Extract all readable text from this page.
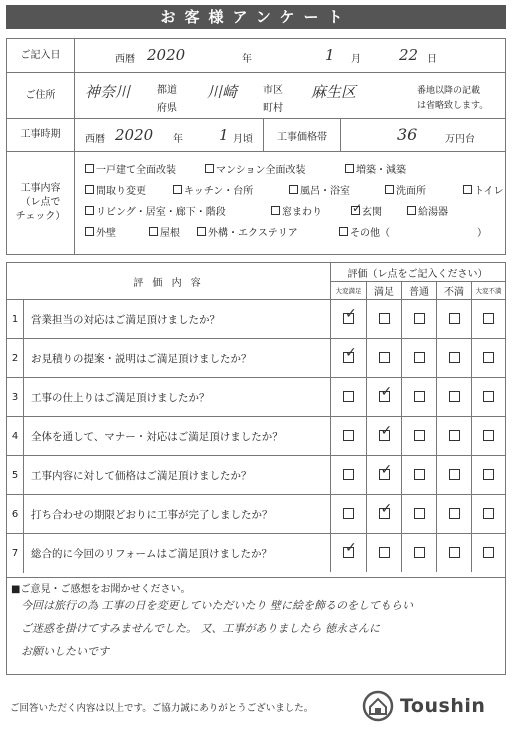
お客様アンケート
ご記入日	西暦 2020	年	1 月	22 日
ご住所	神奈川	都道
府県
川崎	市区
町村
麻生区	番地以降の記載
は省略致します。
工事時期	西暦 2020 年 1 月頃	工事価格帯	36	万円台
工事内容
（レ点で
チェック）
一戸建て全面改装	マンション全面改装	増築・減築
間取り変更	キッチン・台所	風呂・浴室	洗面所	トイレ
リビング・居室・廊下・階段	窓まわり
✓	玄関	給湯器
外壁	屋根	外構・エクステリア	その他（	）
評 価 内 容
評価（レ点をご記入ください）
大変満足	満足	普通	不満	大変不満
1	営業担当の対応はご満足頂けましたか？
✓
2	お見積りの提案・説明はご満足頂けましたか？
✓
3	工事の仕上りはご満足頂けましたか？
✓
4	全体を通して、マナー・対応はご満足頂けましたか？
✓
5	工事内容に対して価格はご満足頂けましたか？
✓
6	打ち合わせの期限どおりに工事が完了しましたか？
✓
7	総合的に今回のリフォームはご満足頂けましたか？
✓
■ご意見・ご感想をお聞かせください。
今回は旅行の為 工事の日を変更していただいたり 壁に絵を飾るのをしてもらい
ご迷惑を掛けてすみませんでした。 又、工事がありましたら 徳永さんに
お願いしたいです
ご回答いただく内容は以上です。ご協力誠にありがとうございました。	Toushin
